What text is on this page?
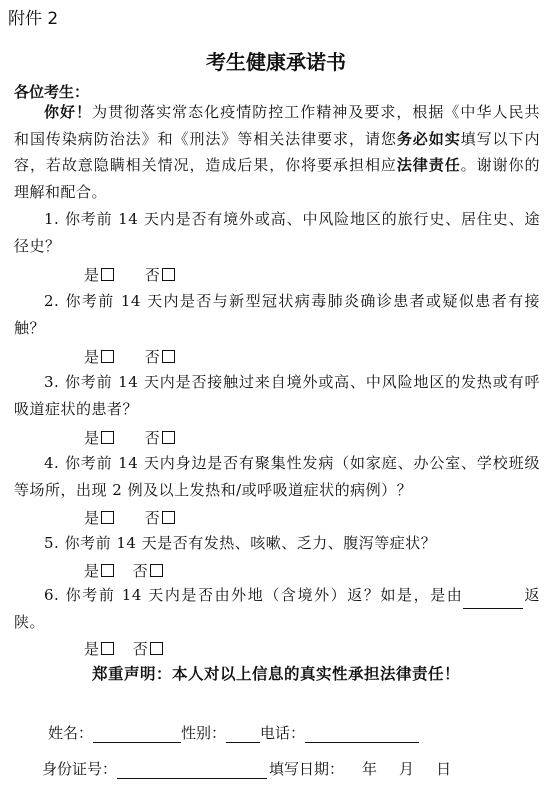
附件 2
考生健康承诺书
各位考生：
你好！为贯彻落实常态化疫情防控工作精神及要求，根据《中华人民共和国传染病防治法》和《刑法》等相关法律要求，请您务必如实填写以下内容，若故意隐瞒相关情况，造成后果，你将要承担相应法律责任。谢谢你的理解和配合。
1. 你考前 14 天内是否有境外或高、中风险地区的旅行史、居住史、途径史？
是	否
2. 你考前 14 天内是否与新型冠状病毒肺炎确诊患者或疑似患者有接触？
是	否
3. 你考前 14 天内是否接触过来自境外或高、中风险地区的发热或有呼吸道症状的患者？
是	否
4. 你考前 14 天内身边是否有聚集性发病（如家庭、办公室、学校班级等场所，出现 2 例及以上发热和/或呼吸道症状的病例）？
是	否
5. 你考前 14 天是否有发热、咳嗽、乏力、腹泻等症状？
是 否
6. 你考前 14 天内是否由外地（含境外）返？如是，是由	返陕。
是 否
郑重声明：本人对以上信息的真实性承担法律责任！
姓名：	性别： 电话：
身份证号：	填写日期： 年 月 日
